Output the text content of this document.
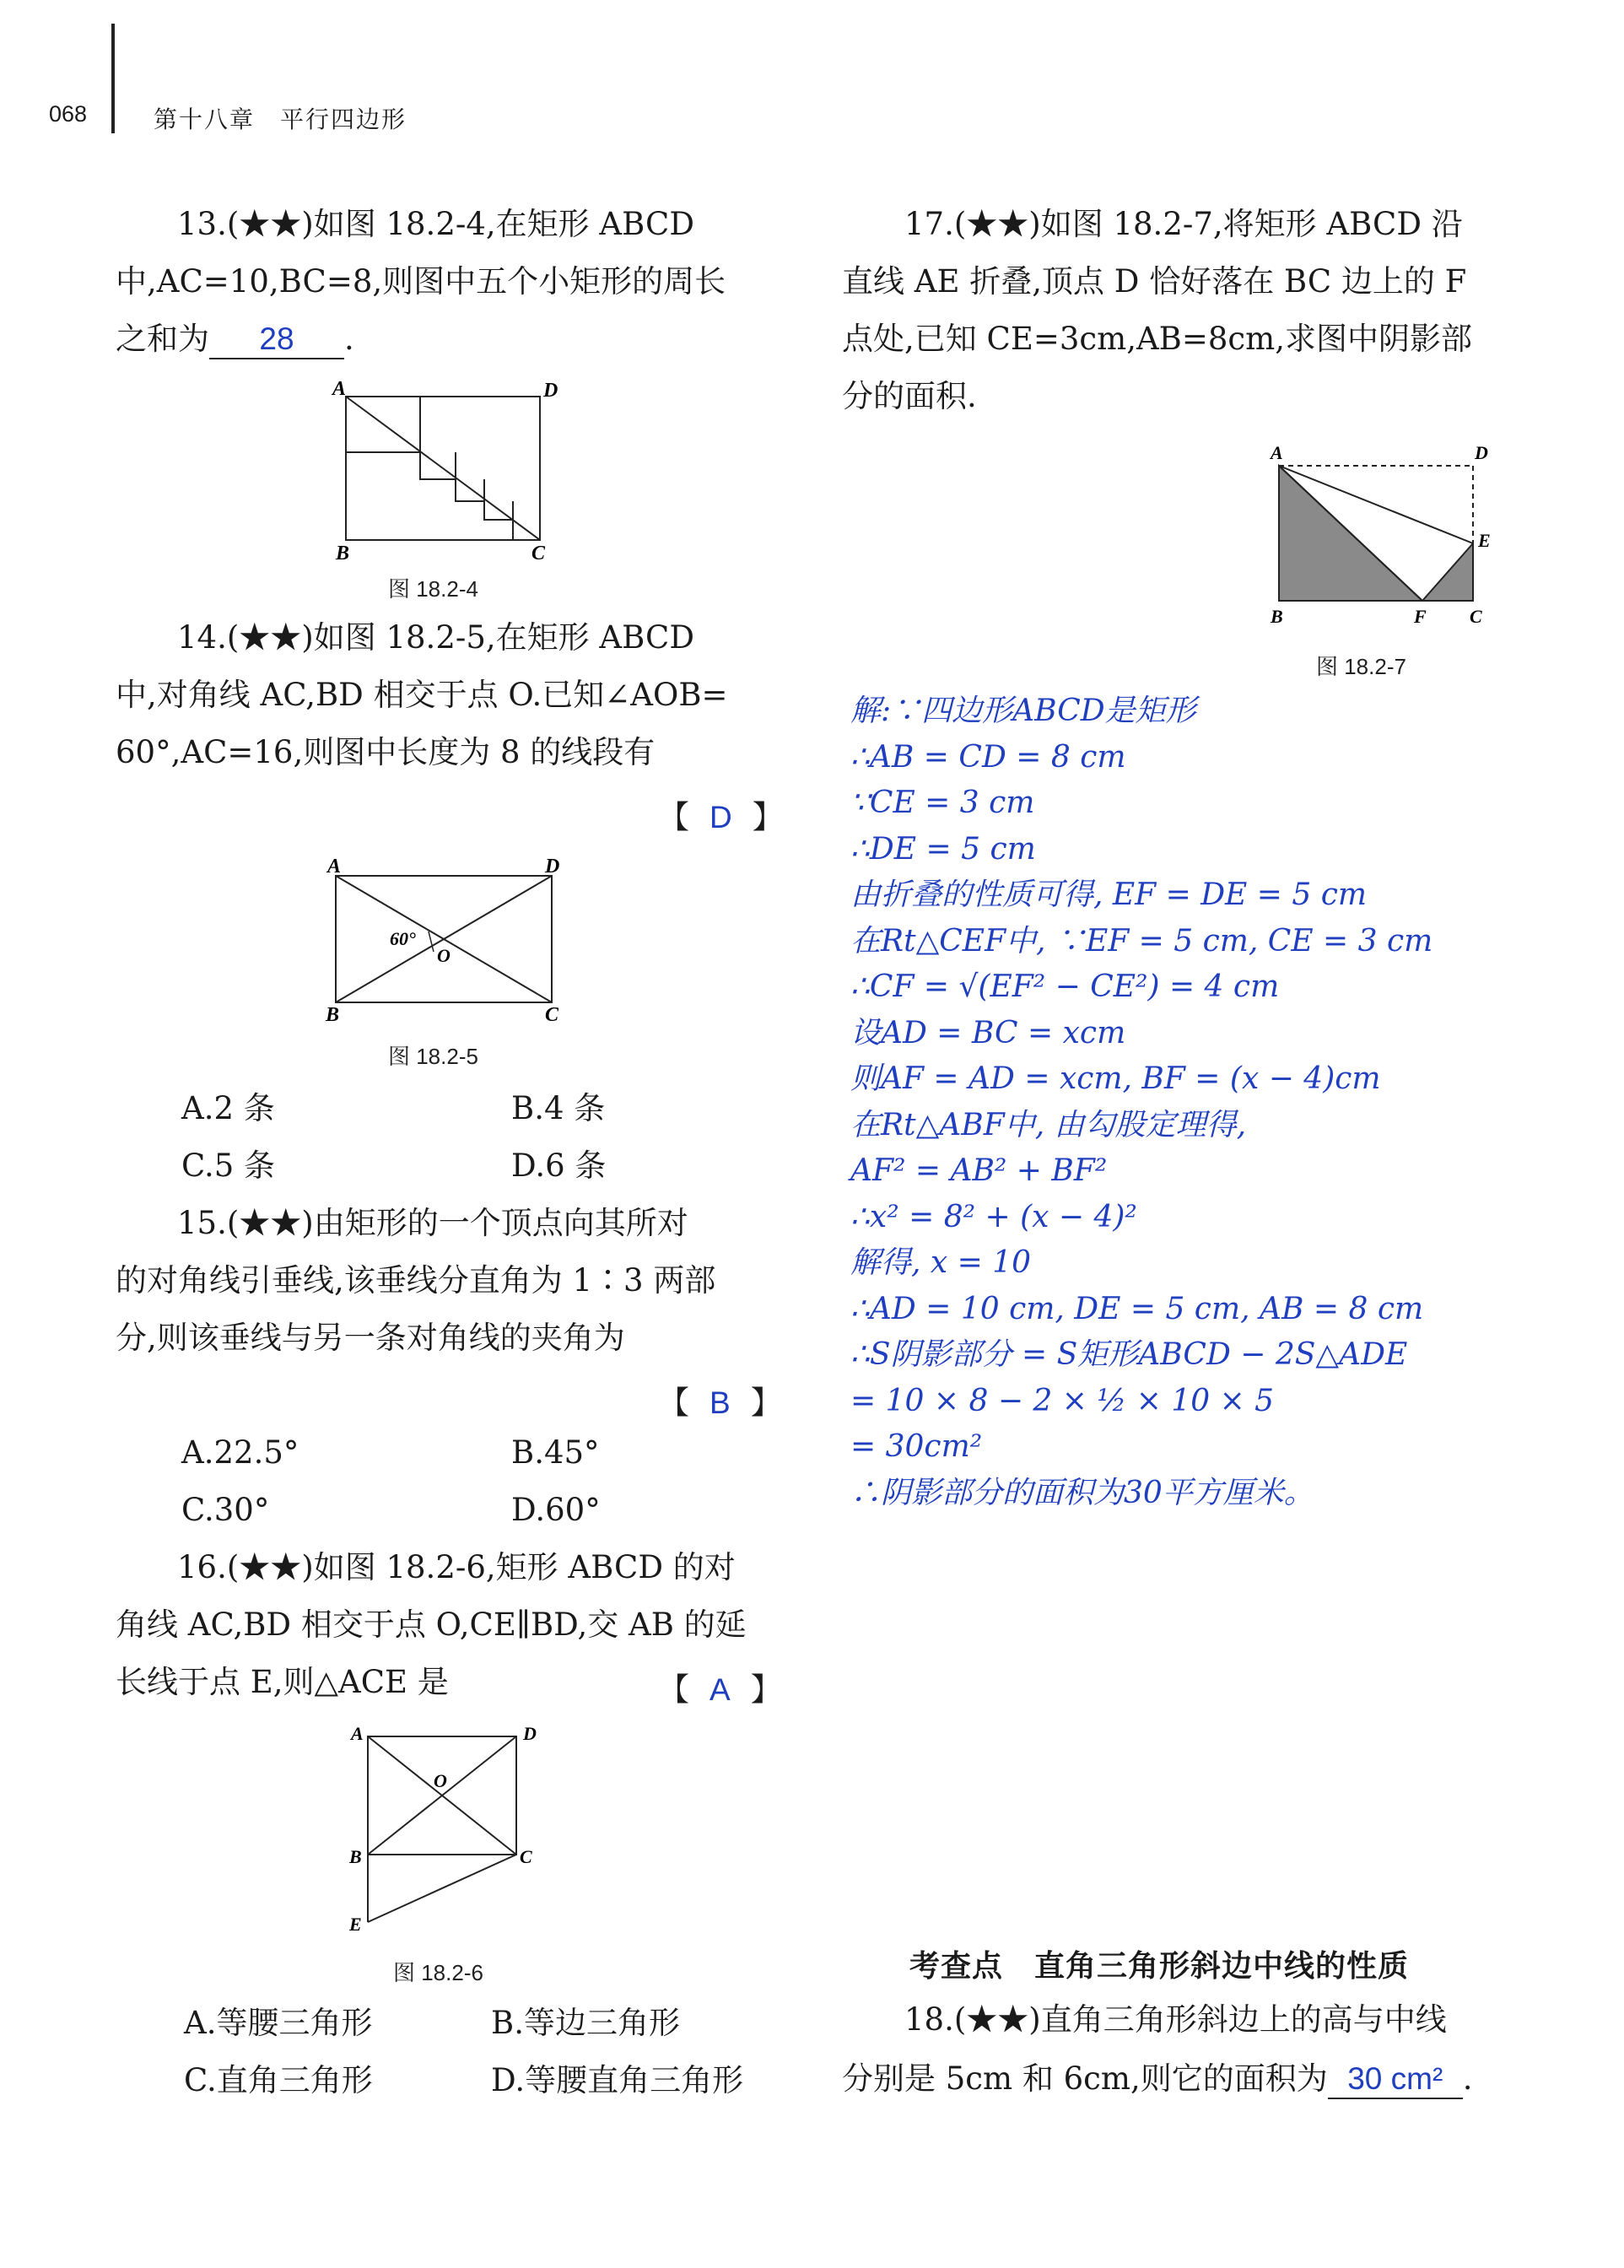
068	第十八章　平行四边形
13.(★★)如图 18.2-4,在矩形 ABCD
中,AC=10,BC=8,则图中五个小矩形的周长
之和为 28 .
A	D
B	C
图 18.2-4
14.(★★)如图 18.2-5,在矩形 ABCD
中,对角线 AC,BD 相交于点 O.已知∠AOB=
60°,AC=16,则图中长度为 8 的线段有
【 D 】
60°
O
A	D
B	C
图 18.2-5
A.2 条	B.4 条
C.5 条	D.6 条
15.(★★)由矩形的一个顶点向其所对
的对角线引垂线,该垂线分直角为 1∶3 两部
分,则该垂线与另一条对角线的夹角为
【 B 】
A.22.5°	B.45°
C.30°	D.60°
16.(★★)如图 18.2-6,矩形 ABCD 的对
角线 AC,BD 相交于点 O,CE∥BD,交 AB 的延
长线于点 E,则△ACE 是	【 A 】
A	D
O
B	C
E
图 18.2-6
A.等腰三角形	B.等边三角形
C.直角三角形	D.等腰直角三角形
17.(★★)如图 18.2-7,将矩形 ABCD 沿
直线 AE 折叠,顶点 D 恰好落在 BC 边上的 F
点处,已知 CE=3cm,AB=8cm,求图中阴影部
分的面积.
A	D
E
B	F C
图 18.2-7
解:∵四边形ABCD是矩形
∴AB = CD = 8 cm
∵CE = 3 cm
∴DE = 5 cm
由折叠的性质可得, EF = DE = 5 cm
在Rt△CEF中, ∵EF = 5 cm, CE = 3 cm
∴CF = √(EF² − CE²) = 4 cm
设AD = BC = xcm
则AF = AD = xcm, BF = (x − 4)cm
在Rt△ABF中, 由勾股定理得,
AF² = AB² + BF²
∴x² = 8² + (x − 4)²
解得, x = 10
∴AD = 10 cm, DE = 5 cm, AB = 8 cm
∴S阴影部分 = S矩形ABCD − 2S△ADE
= 10 × 8 − 2 × ½ × 10 × 5
= 30cm²
∴阴影部分的面积为30平方厘米。
考查点　直角三角形斜边中线的性质
18.(★★)直角三角形斜边上的高与中线
分别是 5cm 和 6cm,则它的面积为 30 cm² .
